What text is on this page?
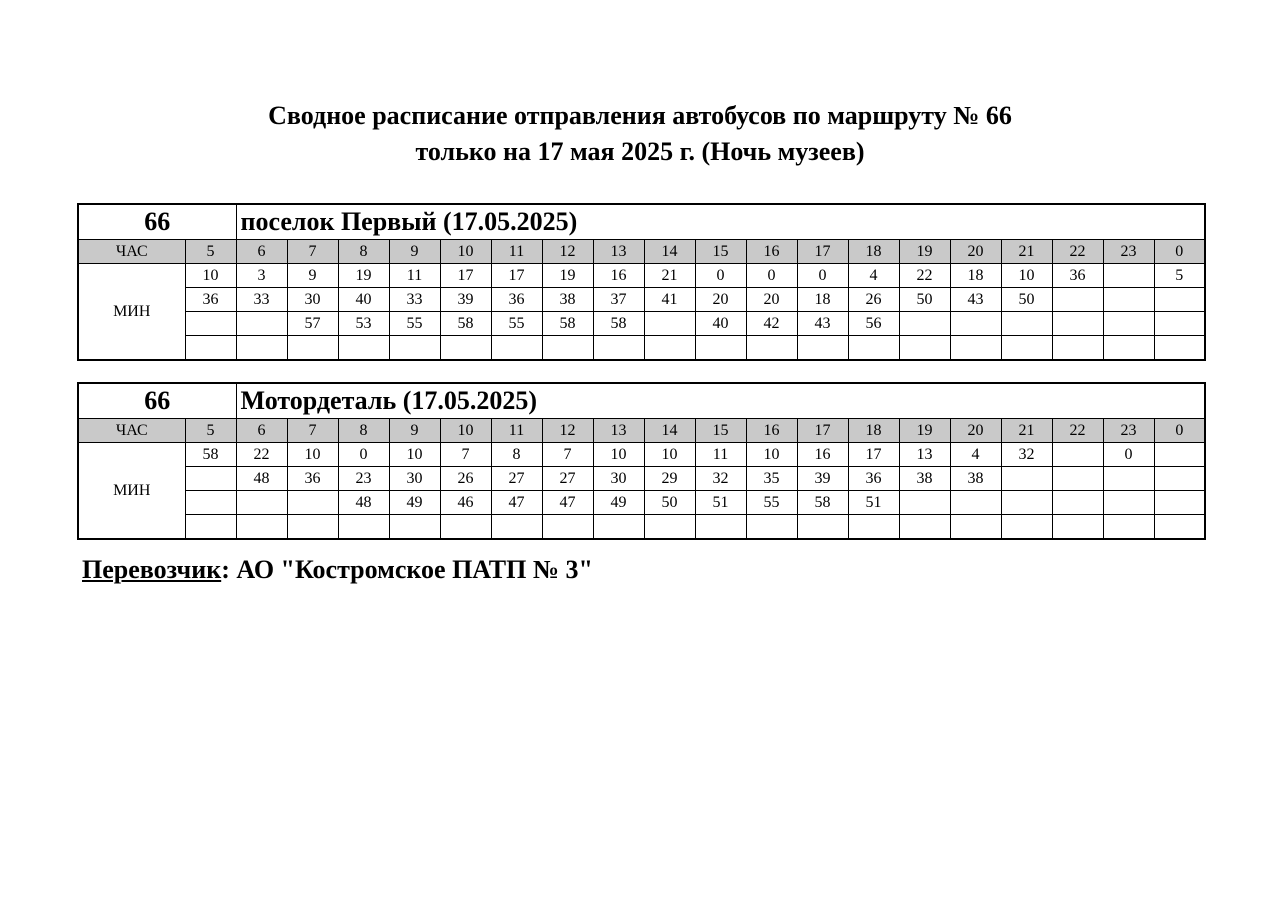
Сводное расписание отправления автобусов по маршруту № 66
только на 17 мая 2025 г. (Ночь музеев)
66		поселок Первый (17.05.2025)																		
ЧАС	5	6	7	8	9	10	11	12	13	14	15	16	17	18	19	20	21	22	23	0
МИН	10	3	9	19	11	17	17	19	16	21	0	0	0	4	22	18	10	36		5
	36	33	30	40	33	39	36	38	37	41	20	20	18	26	50	43	50			
			57	53	55	58	55	58	58		40	42	43	56						

66		Мотордеталь (17.05.2025)																		
ЧАС	5	6	7	8	9	10	11	12	13	14	15	16	17	18	19	20	21	22	23	0
МИН	58	22	10	0	10	7	8	7	10	10	11	10	16	17	13	4	32		0	
		48	36	23	30	26	27	27	30	29	32	35	39	36	38	38				
				48	49	46	47	47	49	50	51	55	58	51						

Перевозчик: АО "Костромское ПАТП № 3"
